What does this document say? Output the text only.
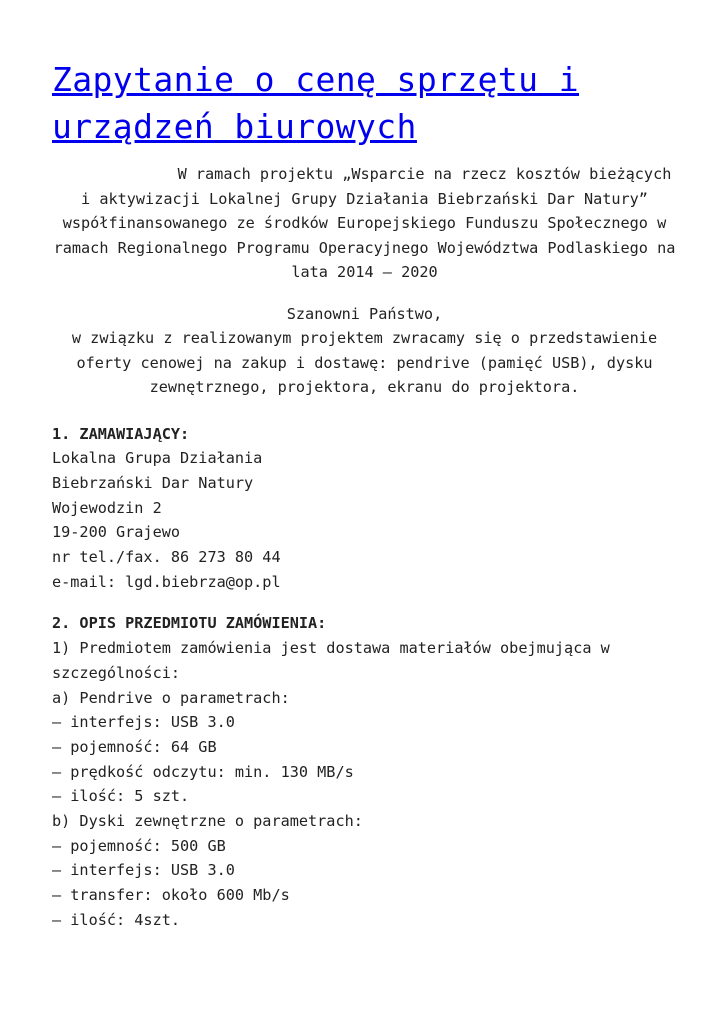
Zapytanie o cenę sprzętu i urządzeń biurowych

W ramach projektu „Wsparcie na rzecz kosztów bieżących i aktywizacji Lokalnej Grupy Działania Biebrzański Dar Natury” współfinansowanego ze środków Europejskiego Funduszu Społecznego w ramach Regionalnego Programu Operacyjnego Województwa Podlaskiego na lata 2014 – 2020

Szanowni Państwo,
w związku z realizowanym projektem zwracamy się o przedstawienie oferty cenowej na zakup i dostawę: pendrive (pamięć USB), dysku zewnętrznego, projektora, ekranu do projektora.

1. ZAMAWIAJĄCY:
Lokalna Grupa Działania
Biebrzański Dar Natury
Wojewodzin 2
19-200 Grajewo
nr tel./fax. 86 273 80 44
e-mail: lgd.biebrza@op.pl
2. OPIS PRZEDMIOTU ZAMÓWIENIA:
1) Predmiotem zamówienia jest dostawa materiałów obejmująca w
szczególności:
a) Pendrive o parametrach:
– interfejs: USB 3.0
– pojemność: 64 GB
– prędkość odczytu: min. 130 MB/s
– ilość: 5 szt.
b) Dyski zewnętrzne o parametrach:
– pojemność: 500 GB
– interfejs: USB 3.0
– transfer: około 600 Mb/s
– ilość: 4szt.
